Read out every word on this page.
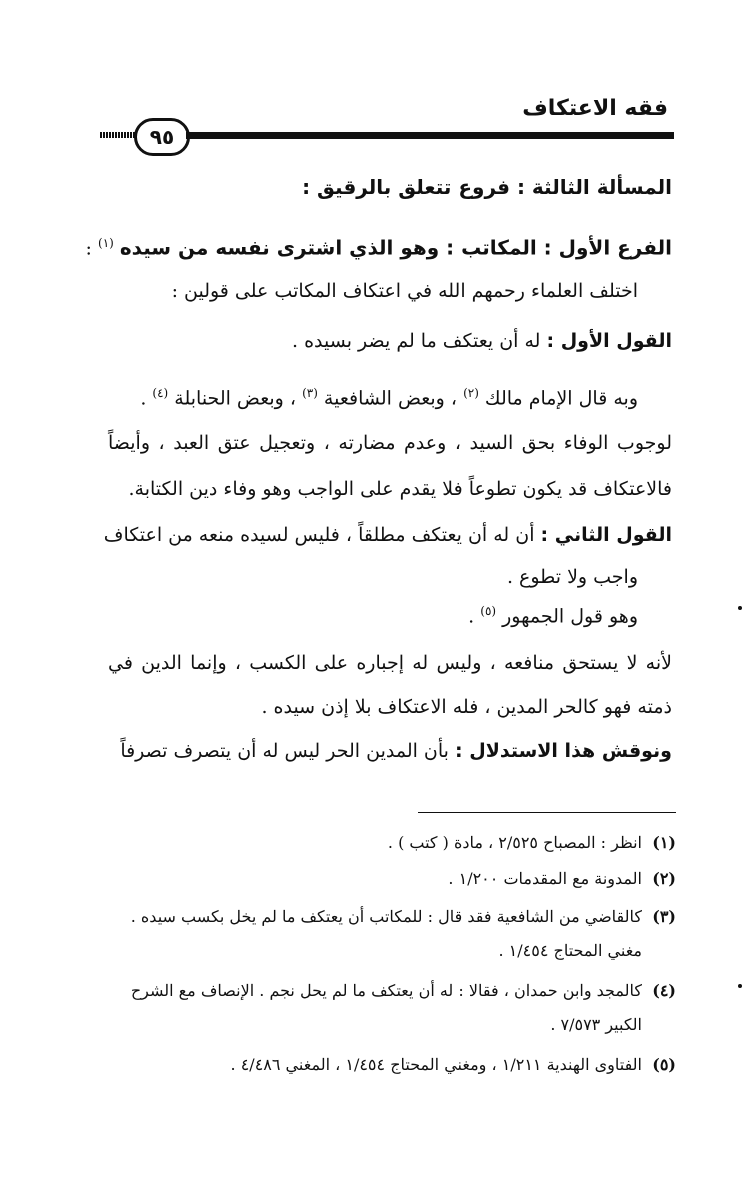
فقه الاعتكاف
٩٥
المسألة الثالثة : فروع تتعلق بالرقيق :
الفرع الأول : المكاتب : وهو الذي اشترى نفسه من سيده $^{(١)}$ :
اختلف العلماء رحمهم الله في اعتكاف المكاتب على قولين :
القول الأول : له أن يعتكف ما لم يضر بسيده .
وبه قال الإمام مالك $^{(٢)}$ ، وبعض الشافعية $^{(٣)}$ ، وبعض الحنابلة $^{(٤)}$ .
لوجوب الوفاء بحق السيد ، وعدم مضارته ، وتعجيل عتق العبد ، وأيضاً
فالاعتكاف قد يكون تطوعاً فلا يقدم على الواجب وهو وفاء دين الكتابة.
القول الثاني : أن له أن يعتكف مطلقاً ، فليس لسيده منعه من اعتكاف
واجب ولا تطوع .
وهو قول الجمهور $^{(٥)}$ .
لأنه لا يستحق منافعه ، وليس له إجباره على الكسب ، وإنما الدين في
ذمته فهو كالحر المدين ، فله الاعتكاف بلا إذن سيده .
ونوقش هذا الاستدلال : بأن المدين الحر ليس له أن يتصرف تصرفاً
(١)انظر : المصباح ٢/٥٢٥ ، مادة ( كتب ) .
(٢)المدونة مع المقدمات ١/٢٠٠ .
(٣)كالقاضي من الشافعية فقد قال : للمكاتب أن يعتكف ما لم يخل بكسب سيده .
مغني المحتاج ١/٤٥٤ .
(٤)كالمجد وابن حمدان ، فقالا : له أن يعتكف ما لم يحل نجم . الإنصاف مع الشرح
الكبير ٧/٥٧٣ .
(٥)الفتاوى الهندية ١/٢١١ ، ومغني المحتاج ١/٤٥٤ ، المغني ٤/٤٨٦ .
